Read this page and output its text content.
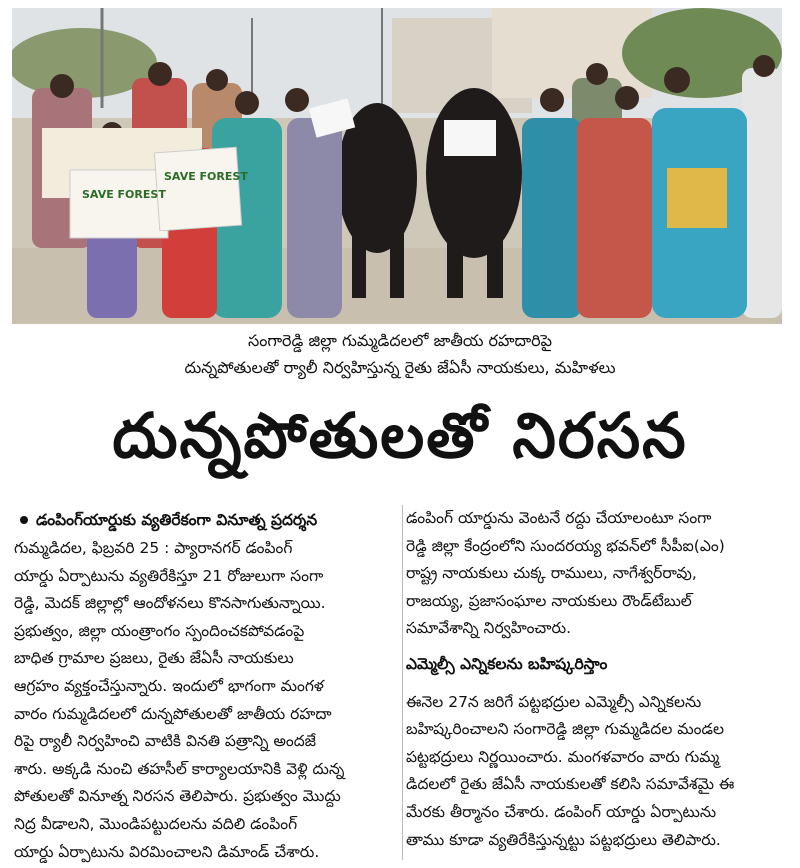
SAVE FOREST
SAVE FOREST
సంగారెడ్డి జిల్లా గుమ్మడిదలలో జాతీయ రహదారిపై
దున్నపోతులతో ర్యాలీ నిర్వహిస్తున్న రైతు జేఏసీ నాయకులు, మహిళలు
దున్నపోతులతో నిరసన
డంపింగ్‌యార్డుకు వ్యతిరేకంగా వినూత్న ప్రదర్శన
గుమ్మడిదల, ఫిబ్రవరి 25 : ప్యారానగర్ డంపింగ్
యార్డు ఏర్పాటును వ్యతిరేకిస్తూ 21 రోజులుగా సంగా
రెడ్డి, మెదక్ జిల్లాల్లో ఆందోళనలు కొనసాగుతున్నాయి.
ప్రభుత్వం, జిల్లా యంత్రాంగం స్పందించకపోవడంపై
బాధిత గ్రామాల ప్రజలు, రైతు జేఏసీ నాయకులు
ఆగ్రహం వ్యక్తంచేస్తున్నారు. ఇందులో భాగంగా మంగళ
వారం గుమ్మడిదలలో దున్నపోతులతో జాతీయ రహదా
రిపై ర్యాలీ నిర్వహించి వాటికి వినతి పత్రాన్ని అందజే
శారు. అక్కడి నుంచి తహసీల్ కార్యాలయానికి వెళ్లి దున్న
పోతులతో వినూత్న నిరసన తెలిపారు. ప్రభుత్వం మొద్దు
నిద్ర వీడాలని, మొండిపట్టుదలను వదిలి డంపింగ్
యార్డు ఏర్పాటును విరమించాలని డిమాండ్ చేశారు.
డంపింగ్ యార్డును వెంటనే రద్దు చేయాలంటూ సంగా
రెడ్డి జిల్లా కేంద్రంలోని సుందరయ్య భవన్‌లో సీపీఐ(ఎం)
రాష్ట్ర నాయకులు చుక్క రాములు, నాగేశ్వర్‌రావు,
రాజయ్య, ప్రజాసంఘాల నాయకులు రౌండ్‌టేబుల్
సమావేశాన్ని నిర్వహించారు.
ఎమ్మెల్సీ ఎన్నికలను బహిష్కరిస్తాం
ఈనెల 27న జరిగే పట్టభద్రుల ఎమ్మెల్సీ ఎన్నికలను
బహిష్కరించాలని సంగారెడ్డి జిల్లా గుమ్మడిదల మండల
పట్టభద్రులు నిర్ణయించారు. మంగళవారం వారు గుమ్మ
డిదలలో రైతు జేఏసీ నాయకులతో కలిసి సమావేశమై ఈ
మేరకు తీర్మానం చేశారు. డంపింగ్ యార్డు ఏర్పాటును
తాము కూడా వ్యతిరేకిస్తున్నట్టు పట్టభద్రులు తెలిపారు.
